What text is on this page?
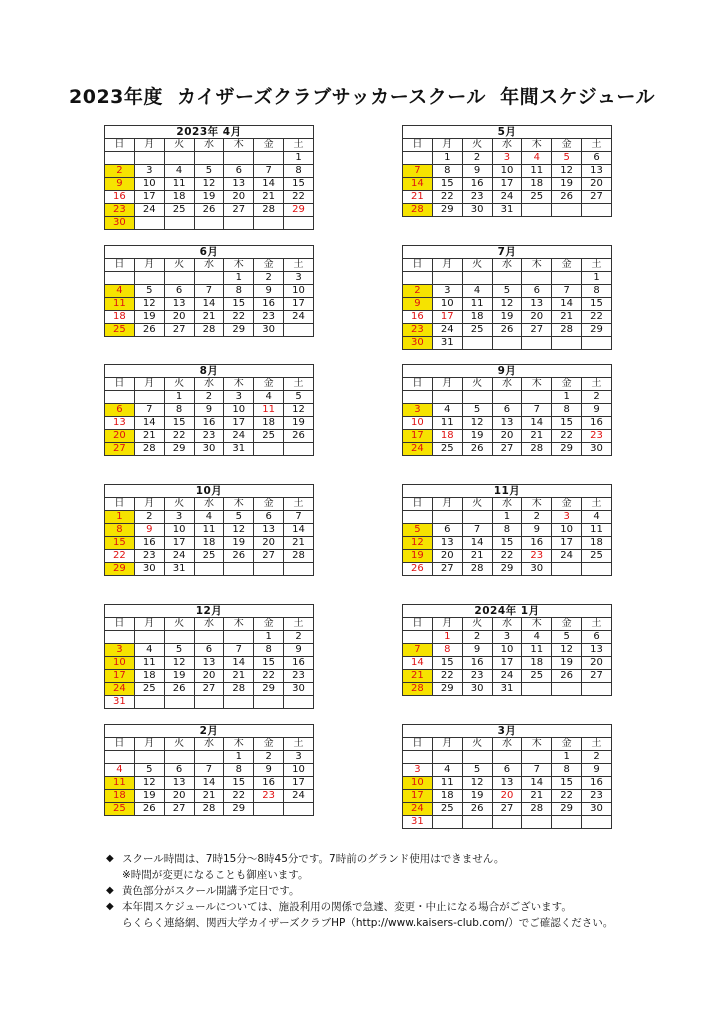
2023年度  カイザーズクラブサッカースクール  年間スケジュール
2023年 4月						
日	月	火	水	木	金	土
						1
2	3	4	5	6	7	8
9	10	11	12	13	14	15
16	17	18	19	20	21	22
23	24	25	26	27	28	29
30						
5月						
日	月	火	水	木	金	土
	1	2	3	4	5	6
7	8	9	10	11	12	13
14	15	16	17	18	19	20
21	22	23	24	25	26	27
28	29	30	31			
6月						
日	月	火	水	木	金	土
				1	2	3
4	5	6	7	8	9	10
11	12	13	14	15	16	17
18	19	20	21	22	23	24
25	26	27	28	29	30	
7月						
日	月	火	水	木	金	土
						1
2	3	4	5	6	7	8
9	10	11	12	13	14	15
16	17	18	19	20	21	22
23	24	25	26	27	28	29
30	31					
8月						
日	月	火	水	木	金	土
		1	2	3	4	5
6	7	8	9	10	11	12
13	14	15	16	17	18	19
20	21	22	23	24	25	26
27	28	29	30	31		
9月						
日	月	火	水	木	金	土
					1	2
3	4	5	6	7	8	9
10	11	12	13	14	15	16
17	18	19	20	21	22	23
24	25	26	27	28	29	30
10月						
日	月	火	水	木	金	土
1	2	3	4	5	6	7
8	9	10	11	12	13	14
15	16	17	18	19	20	21
22	23	24	25	26	27	28
29	30	31				
11月						
日	月	火	水	木	金	土
			1	2	3	4
5	6	7	8	9	10	11
12	13	14	15	16	17	18
19	20	21	22	23	24	25
26	27	28	29	30		
12月						
日	月	火	水	木	金	土
					1	2
3	4	5	6	7	8	9
10	11	12	13	14	15	16
17	18	19	20	21	22	23
24	25	26	27	28	29	30
31						
2024年 1月						
日	月	火	水	木	金	土
	1	2	3	4	5	6
7	8	9	10	11	12	13
14	15	16	17	18	19	20
21	22	23	24	25	26	27
28	29	30	31			
2月						
日	月	火	水	木	金	土
				1	2	3
4	5	6	7	8	9	10
11	12	13	14	15	16	17
18	19	20	21	22	23	24
25	26	27	28	29		
3月						
日	月	火	水	木	金	土
					1	2
3	4	5	6	7	8	9
10	11	12	13	14	15	16
17	18	19	20	21	22	23
24	25	26	27	28	29	30
31						
◆ スクール時間は、7時15分～8時45分です。7時前のグランド使用はできません。
※時間が変更になることも御座います。
◆ 黄色部分がスクール開講予定日です。
◆ 本年間スケジュールについては、施設利用の関係で急遽、変更・中止になる場合がございます。
らくらく連絡網、関西大学カイザーズクラブHP（http://www.kaisers-club.com/）でご確認ください。
